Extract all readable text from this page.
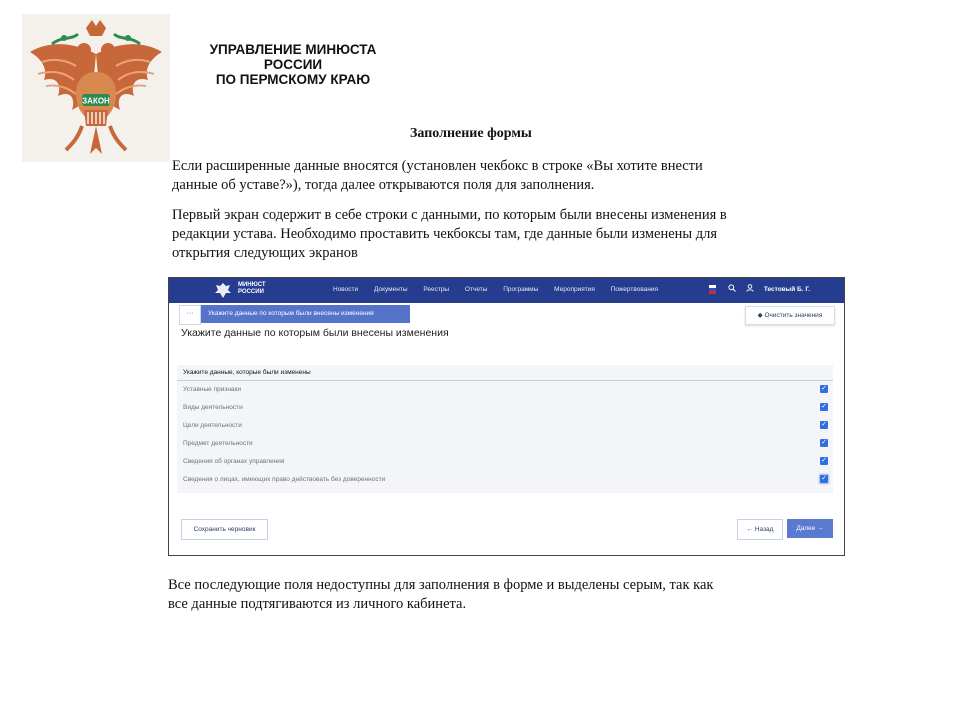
ЗАКОН
УПРАВЛЕНИЕ МИНЮСТА
РОССИИ
ПО ПЕРМСКОМУ КРАЮ
Заполнение формы
Если расширенные данные вносятся (установлен чекбокс в строке «Вы хотите внести
данные об уставе?»), тогда далее открываются поля для заполнения.
Первый экран содержит в себе строки с данными, по которым были внесены изменения в
редакции устава. Необходимо проставить чекбоксы там, где данные были изменены для
открытия следующих экранов
МИНЮСТ
РОССИИ	Новости Документы Реестры Отчеты Программы Мероприятия Пожертвования	Тестовый Б. Г.
···	Укажите данные по которым были внесены изменения	◆ Очистить значения
Укажите данные по которым были внесены изменения
Укажите данные, которые были изменены
Уставные признаки	✓
Виды деятельности	✓
Цели деятельности	✓
Предмет деятельности	✓
Сведения об органах управления	✓
Сведения о лицах, имеющих право действовать без доверенности	✓
Сохранить черновик	← Назад	Далее →
Все последующие поля недоступны для заполнения в форме и выделены серым, так как
все данные подтягиваются из личного кабинета.
